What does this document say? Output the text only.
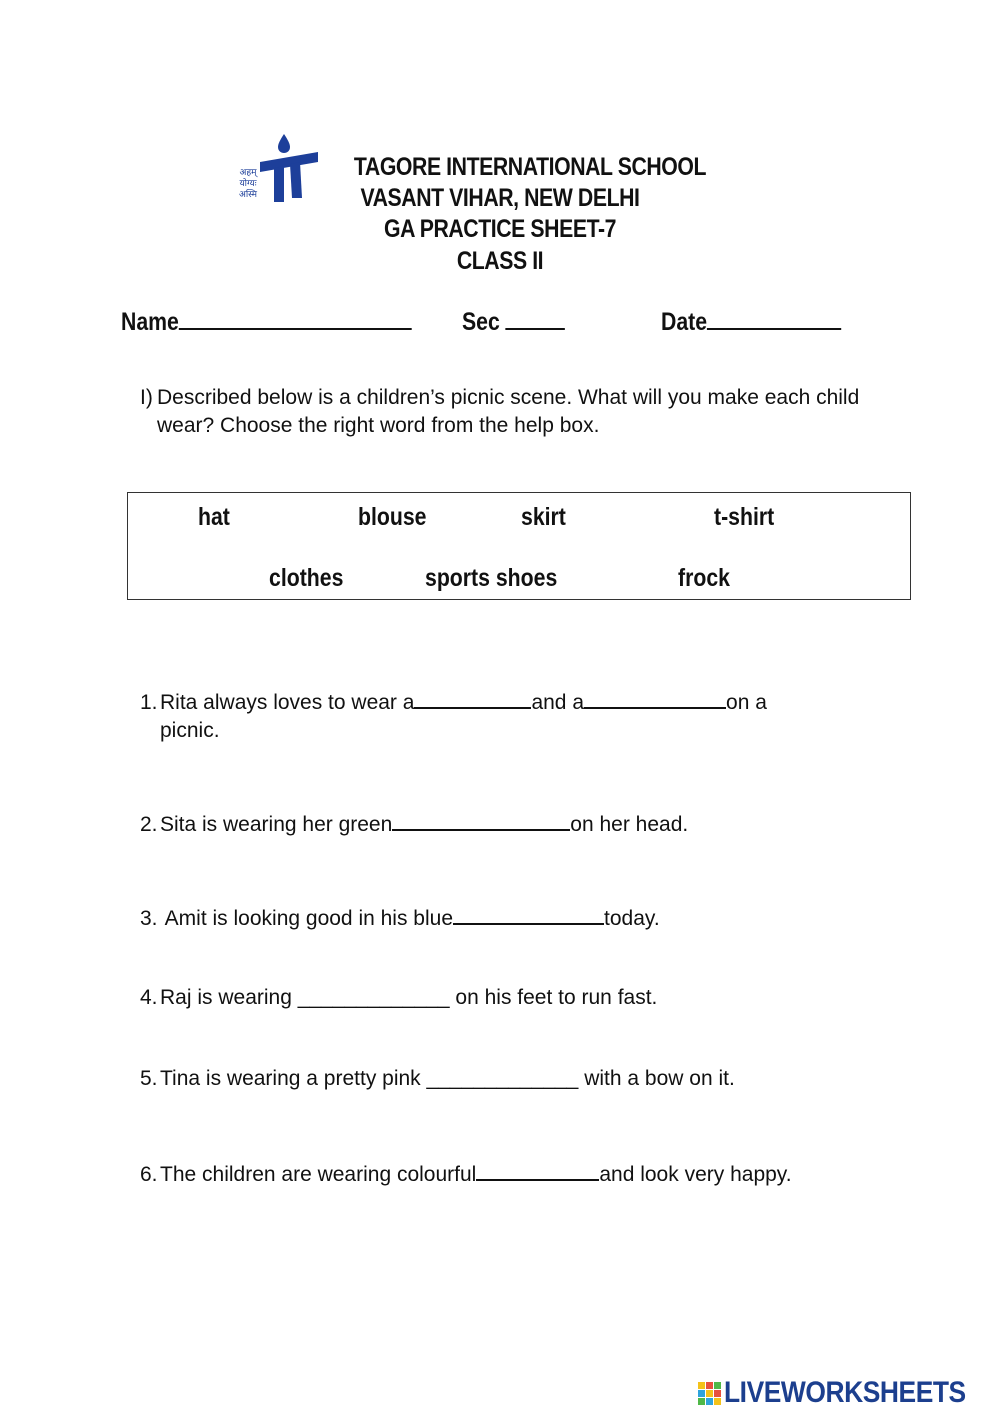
अहम् योग्यः अस्मि
TAGORE INTERNATIONAL SCHOOL
VASANT VIHAR, NEW DELHI
GA PRACTICE SHEET-7
CLASS II
Name	Sec	Date
I) Described below is a children’s picnic scene. What will you make each child wear? Choose the right word from the help box.
hat	blouse	skirt	t-shirt
clothes	sports shoes	frock
1. Rita always loves to wear a	and a	on a
picnic.
2. Sita is wearing her green	on her head.
3. Amit is looking good in his blue	today.
4. Raj is wearing _____________ on his feet to run fast.
5. Tina is wearing a pretty pink _____________ with a bow on it.
6. The children are wearing colourful	and look very happy.
LIVEWORKSHEETS
